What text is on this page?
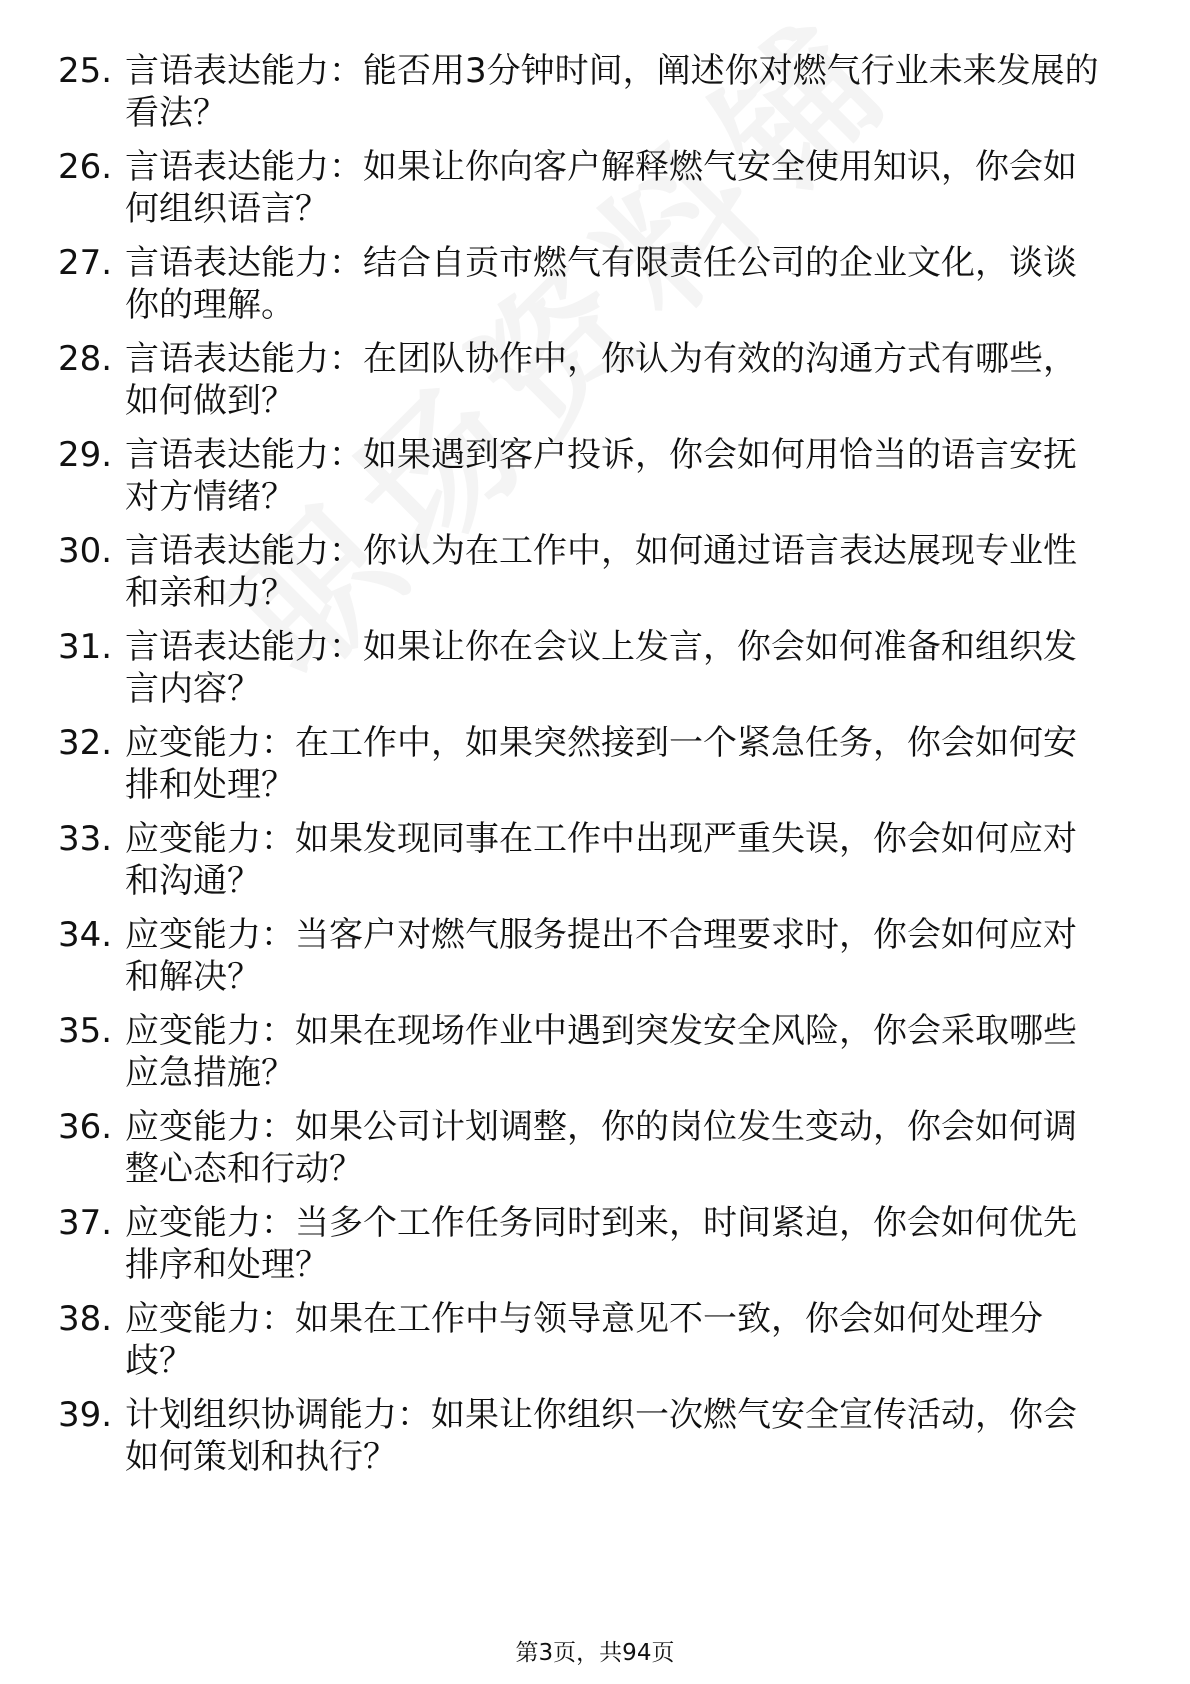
25. 言语表达能力：能否用3分钟时间，阐述你对燃气行业未来发展的
看法？
26. 言语表达能力：如果让你向客户解释燃气安全使用知识，你会如
何组织语言？
27. 言语表达能力：结合自贡市燃气有限责任公司的企业文化，谈谈
你的理解。
28. 言语表达能力：在团队协作中，你认为有效的沟通方式有哪些，
如何做到？
29. 言语表达能力：如果遇到客户投诉，你会如何用恰当的语言安抚
对方情绪？
30. 言语表达能力：你认为在工作中，如何通过语言表达展现专业性
和亲和力？
31. 言语表达能力：如果让你在会议上发言，你会如何准备和组织发
言内容？
32. 应变能力：在工作中，如果突然接到一个紧急任务，你会如何安
排和处理？
33. 应变能力：如果发现同事在工作中出现严重失误，你会如何应对
和沟通？
34. 应变能力：当客户对燃气服务提出不合理要求时，你会如何应对
和解决？
35. 应变能力：如果在现场作业中遇到突发安全风险，你会采取哪些
应急措施？
36. 应变能力：如果公司计划调整，你的岗位发生变动，你会如何调
整心态和行动？
37. 应变能力：当多个工作任务同时到来，时间紧迫，你会如何优先
排序和处理？
38. 应变能力：如果在工作中与领导意见不一致，你会如何处理分
歧？
39. 计划组织协调能力：如果让你组织一次燃气安全宣传活动，你会
如何策划和执行？
第3页，共94页
